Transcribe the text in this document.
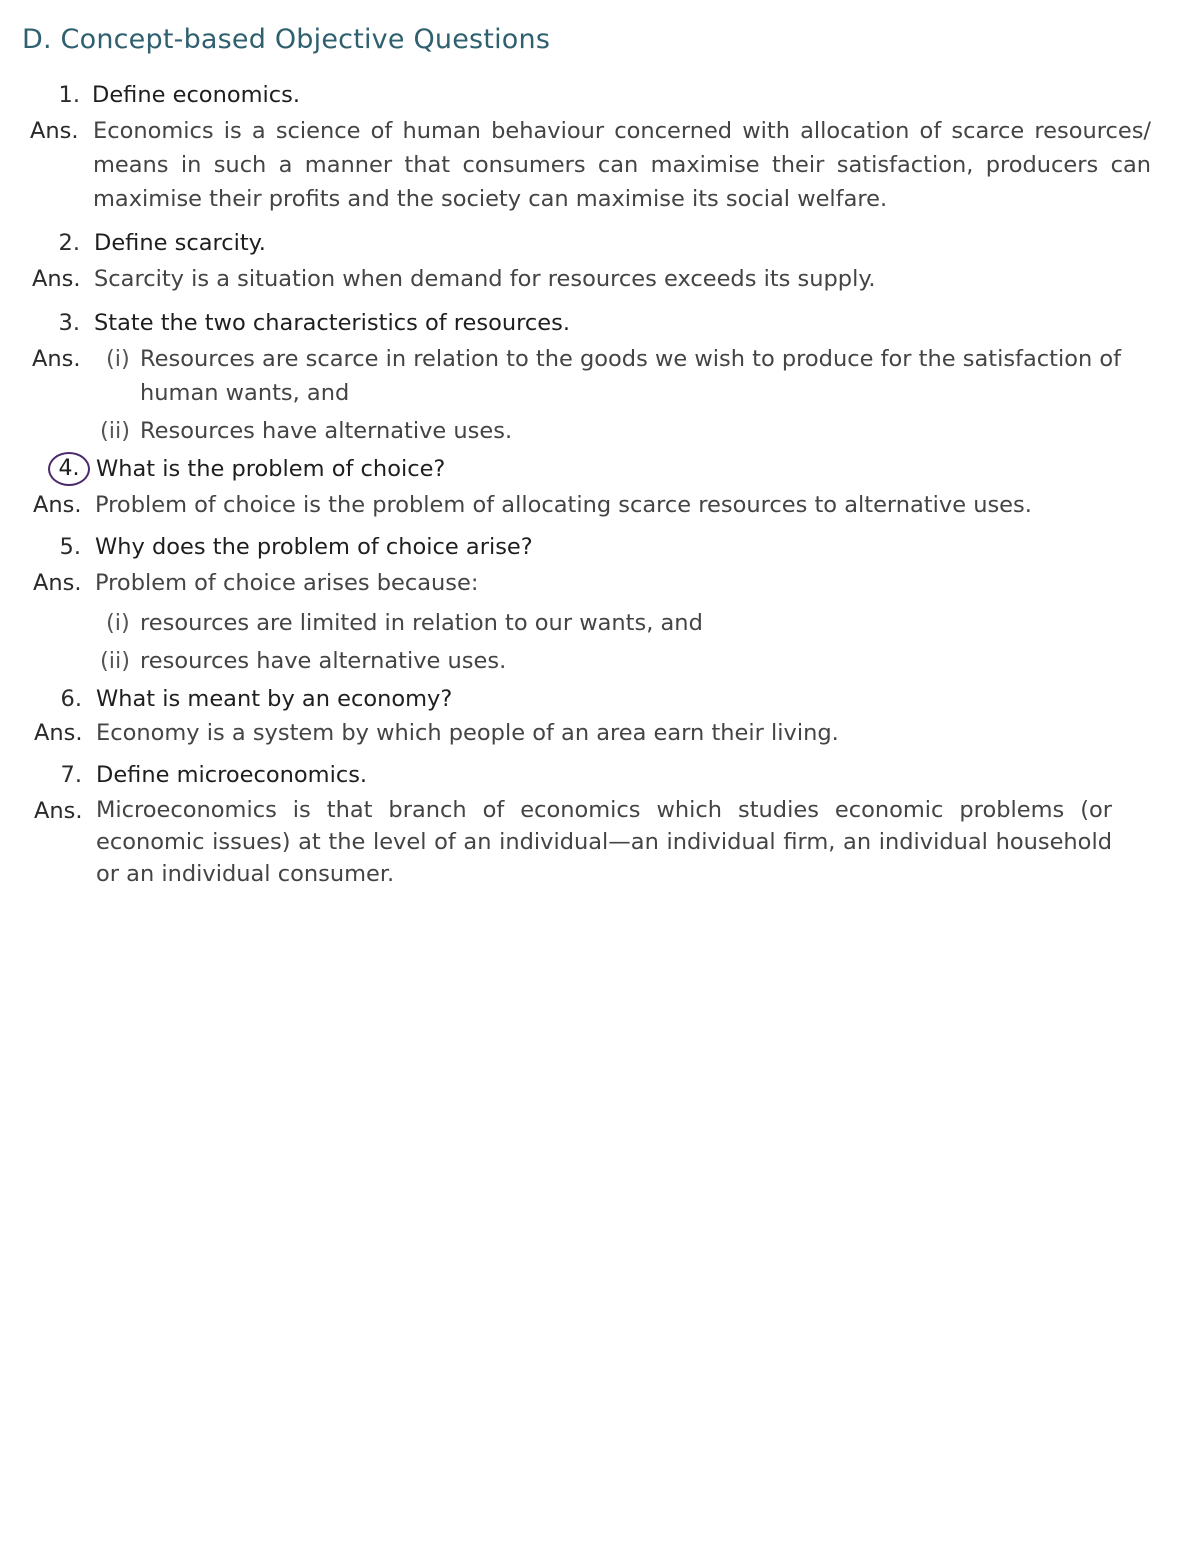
D. Concept-based Objective Questions
1. Define economics.
Ans. Economics is a science of human behaviour concerned with allocation of scarce resources/
means in such a manner that consumers can maximise their satisfaction, producers can
maximise their profits and the society can maximise its social welfare.
2. Define scarcity.
Ans. Scarcity is a situation when demand for resources exceeds its supply.
3. State the two characteristics of resources.
Ans. (i) Resources are scarce in relation to the goods we wish to produce for the satisfaction of
human wants, and
(ii) Resources have alternative uses.
4. What is the problem of choice?
Ans. Problem of choice is the problem of allocating scarce resources to alternative uses.
5. Why does the problem of choice arise?
Ans. Problem of choice arises because:
(i) resources are limited in relation to our wants, and
(ii) resources have alternative uses.
6. What is meant by an economy?
Ans. Economy is a system by which people of an area earn their living.
7. Define microeconomics.
Ans. Microeconomics is that branch of economics which studies economic problems (or
economic issues) at the level of an individual—an individual firm, an individual household
or an individual consumer.
